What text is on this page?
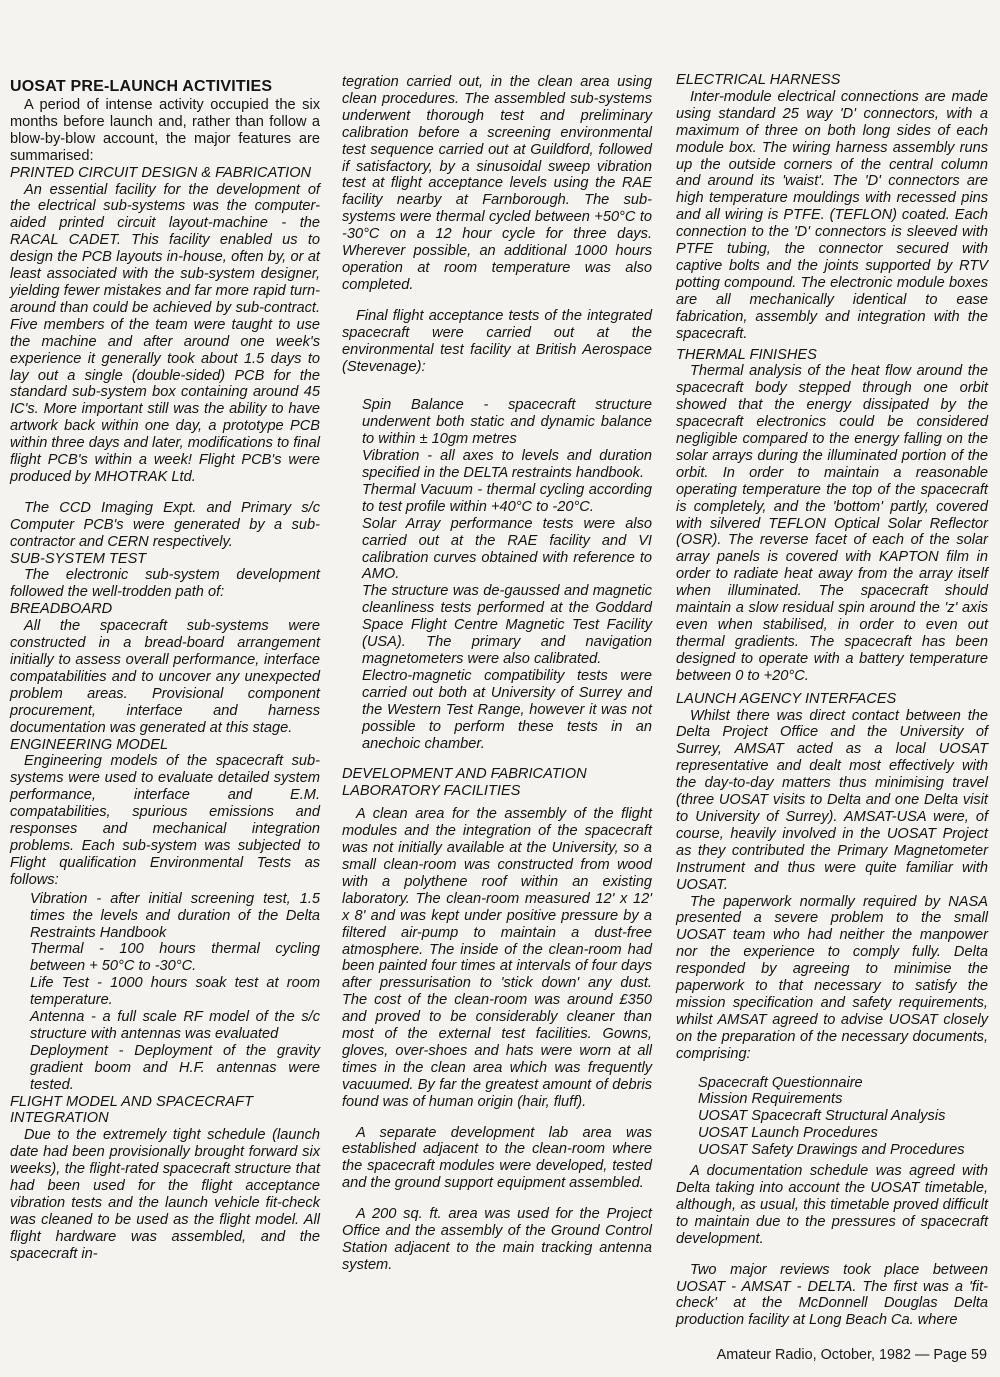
UOSAT PRE-LAUNCH ACTIVITIES

A period of intense activity occupied the six months before launch and, rather than follow a blow-by-blow account, the major features are summarised:

PRINTED CIRCUIT DESIGN & FABRICATION

An essential facility for the development of the electrical sub-systems was the computer-aided printed circuit layout-machine - the RACAL CADET. This facility enabled us to design the PCB layouts in-house, often by, or at least associated with the sub-system designer, yielding fewer mistakes and far more rapid turn-around than could be achieved by sub-contract. Five members of the team were taught to use the machine and after around one week's experience it generally took about 1.5 days to lay out a single (double-sided) PCB for the standard sub-system box containing around 45 IC's. More important still was the ability to have artwork back within one day, a prototype PCB within three days and later, modifications to final flight PCB's within a week! Flight PCB's were produced by MHOTRAK Ltd.

The CCD Imaging Expt. and Primary s/c Computer PCB's were generated by a sub-contractor and CERN respectively.

SUB-SYSTEM TEST

The electronic sub-system development followed the well-trodden path of:

BREADBOARD

All the spacecraft sub-systems were constructed in a bread-board arrangement initially to assess overall performance, interface compatabilities and to uncover any unexpected problem areas. Provisional component procurement, interface and harness documentation was generated at this stage.

ENGINEERING MODEL

Engineering models of the spacecraft sub-systems were used to evaluate detailed system performance, interface and E.M. compatabilities, spurious emissions and responses and mechanical integration problems. Each sub-system was subjected to Flight qualification Environmental Tests as follows:

Vibration - after initial screening test, 1.5 times the levels and duration of the Delta Restraints Handbook

Thermal - 100 hours thermal cycling between + 50°C to -30°C.

Life Test - 1000 hours soak test at room temperature.

Antenna - a full scale RF model of the s/c structure with antennas was evaluated

Deployment - Deployment of the gravity gradient boom and H.F. antennas were tested.

FLIGHT MODEL AND SPACECRAFT INTEGRATION

Due to the extremely tight schedule (launch date had been provisionally brought forward six weeks), the flight-rated spacecraft structure that had been used for the flight acceptance vibration tests and the launch vehicle fit-check was cleaned to be used as the flight model. All flight hardware was assembled, and the spacecraft in-

tegration carried out, in the clean area using clean procedures. The assembled sub-systems underwent thorough test and preliminary calibration before a screening environmental test sequence carried out at Guildford, followed if satisfactory, by a sinusoidal sweep vibration test at flight acceptance levels using the RAE facility nearby at Farnborough. The sub-systems were thermal cycled between +50°C to -30°C on a 12 hour cycle for three days. Wherever possible, an additional 1000 hours operation at room temperature was also completed.

Final flight acceptance tests of the integrated spacecraft were carried out at the environmental test facility at British Aerospace (Stevenage):

Spin Balance - spacecraft structure underwent both static and dynamic balance to within ± 10gm metres

Vibration - all axes to levels and duration specified in the DELTA restraints handbook.

Thermal Vacuum - thermal cycling according to test profile within +40°C to -20°C.

Solar Array performance tests were also carried out at the RAE facility and VI calibration curves obtained with reference to AMO.

The structure was de-gaussed and magnetic cleanliness tests performed at the Goddard Space Flight Centre Magnetic Test Facility (USA). The primary and navigation magnetometers were also calibrated.

Electro-magnetic compatibility tests were carried out both at University of Surrey and the Western Test Range, however it was not possible to perform these tests in an anechoic chamber.

DEVELOPMENT AND FABRICATION LABORATORY FACILITIES

A clean area for the assembly of the flight modules and the integration of the spacecraft was not initially available at the University, so a small clean-room was constructed from wood with a polythene roof within an existing laboratory. The clean-room measured 12' x 12' x 8' and was kept under positive pressure by a filtered air-pump to maintain a dust-free atmosphere. The inside of the clean-room had been painted four times at intervals of four days after pressurisation to 'stick down' any dust. The cost of the clean-room was around £350 and proved to be considerably cleaner than most of the external test facilities. Gowns, gloves, over-shoes and hats were worn at all times in the clean area which was frequently vacuumed. By far the greatest amount of debris found was of human origin (hair, fluff).

A separate development lab area was established adjacent to the clean-room where the spacecraft modules were developed, tested and the ground support equipment assembled.

A 200 sq. ft. area was used for the Project Office and the assembly of the Ground Control Station adjacent to the main tracking antenna system.

ELECTRICAL HARNESS

Inter-module electrical connections are made using standard 25 way 'D' connectors, with a maximum of three on both long sides of each module box. The wiring harness assembly runs up the outside corners of the central column and around its 'waist'. The 'D' connectors are high temperature mouldings with recessed pins and all wiring is PTFE. (TEFLON) coated. Each connection to the 'D' connectors is sleeved with PTFE tubing, the connector secured with captive bolts and the joints supported by RTV potting compound. The electronic module boxes are all mechanically identical to ease fabrication, assembly and integration with the spacecraft.

THERMAL FINISHES

Thermal analysis of the heat flow around the spacecraft body stepped through one orbit showed that the energy dissipated by the spacecraft electronics could be considered negligible compared to the energy falling on the solar arrays during the illuminated portion of the orbit. In order to maintain a reasonable operating temperature the top of the spacecraft is completely, and the 'bottom' partly, covered with silvered TEFLON Optical Solar Reflector (OSR). The reverse facet of each of the solar array panels is covered with KAPTON film in order to radiate heat away from the array itself when illuminated. The spacecraft should maintain a slow residual spin around the 'z' axis even when stabilised, in order to even out thermal gradients. The spacecraft has been designed to operate with a battery temperature between 0 to +20°C.

LAUNCH AGENCY INTERFACES

Whilst there was direct contact between the Delta Project Office and the University of Surrey, AMSAT acted as a local UOSAT representative and dealt most effectively with the day-to-day matters thus minimising travel (three UOSAT visits to Delta and one Delta visit to University of Surrey). AMSAT-USA were, of course, heavily involved in the UOSAT Project as they contributed the Primary Magnetometer Instrument and thus were quite familiar with UOSAT.

The paperwork normally required by NASA presented a severe problem to the small UOSAT team who had neither the manpower nor the experience to comply fully. Delta responded by agreeing to minimise the paperwork to that necessary to satisfy the mission specification and safety requirements, whilst AMSAT agreed to advise UOSAT closely on the preparation of the necessary documents, comprising:

Spacecraft Questionnaire
Mission Requirements
UOSAT Spacecraft Structural Analysis
UOSAT Launch Procedures
UOSAT Safety Drawings and Procedures

A documentation schedule was agreed with Delta taking into account the UOSAT timetable, although, as usual, this timetable proved difficult to maintain due to the pressures of spacecraft development.

Two major reviews took place between UOSAT - AMSAT - DELTA. The first was a 'fit-check' at the McDonnell Douglas Delta production facility at Long Beach Ca. where

Amateur Radio, October, 1982 — Page 59
